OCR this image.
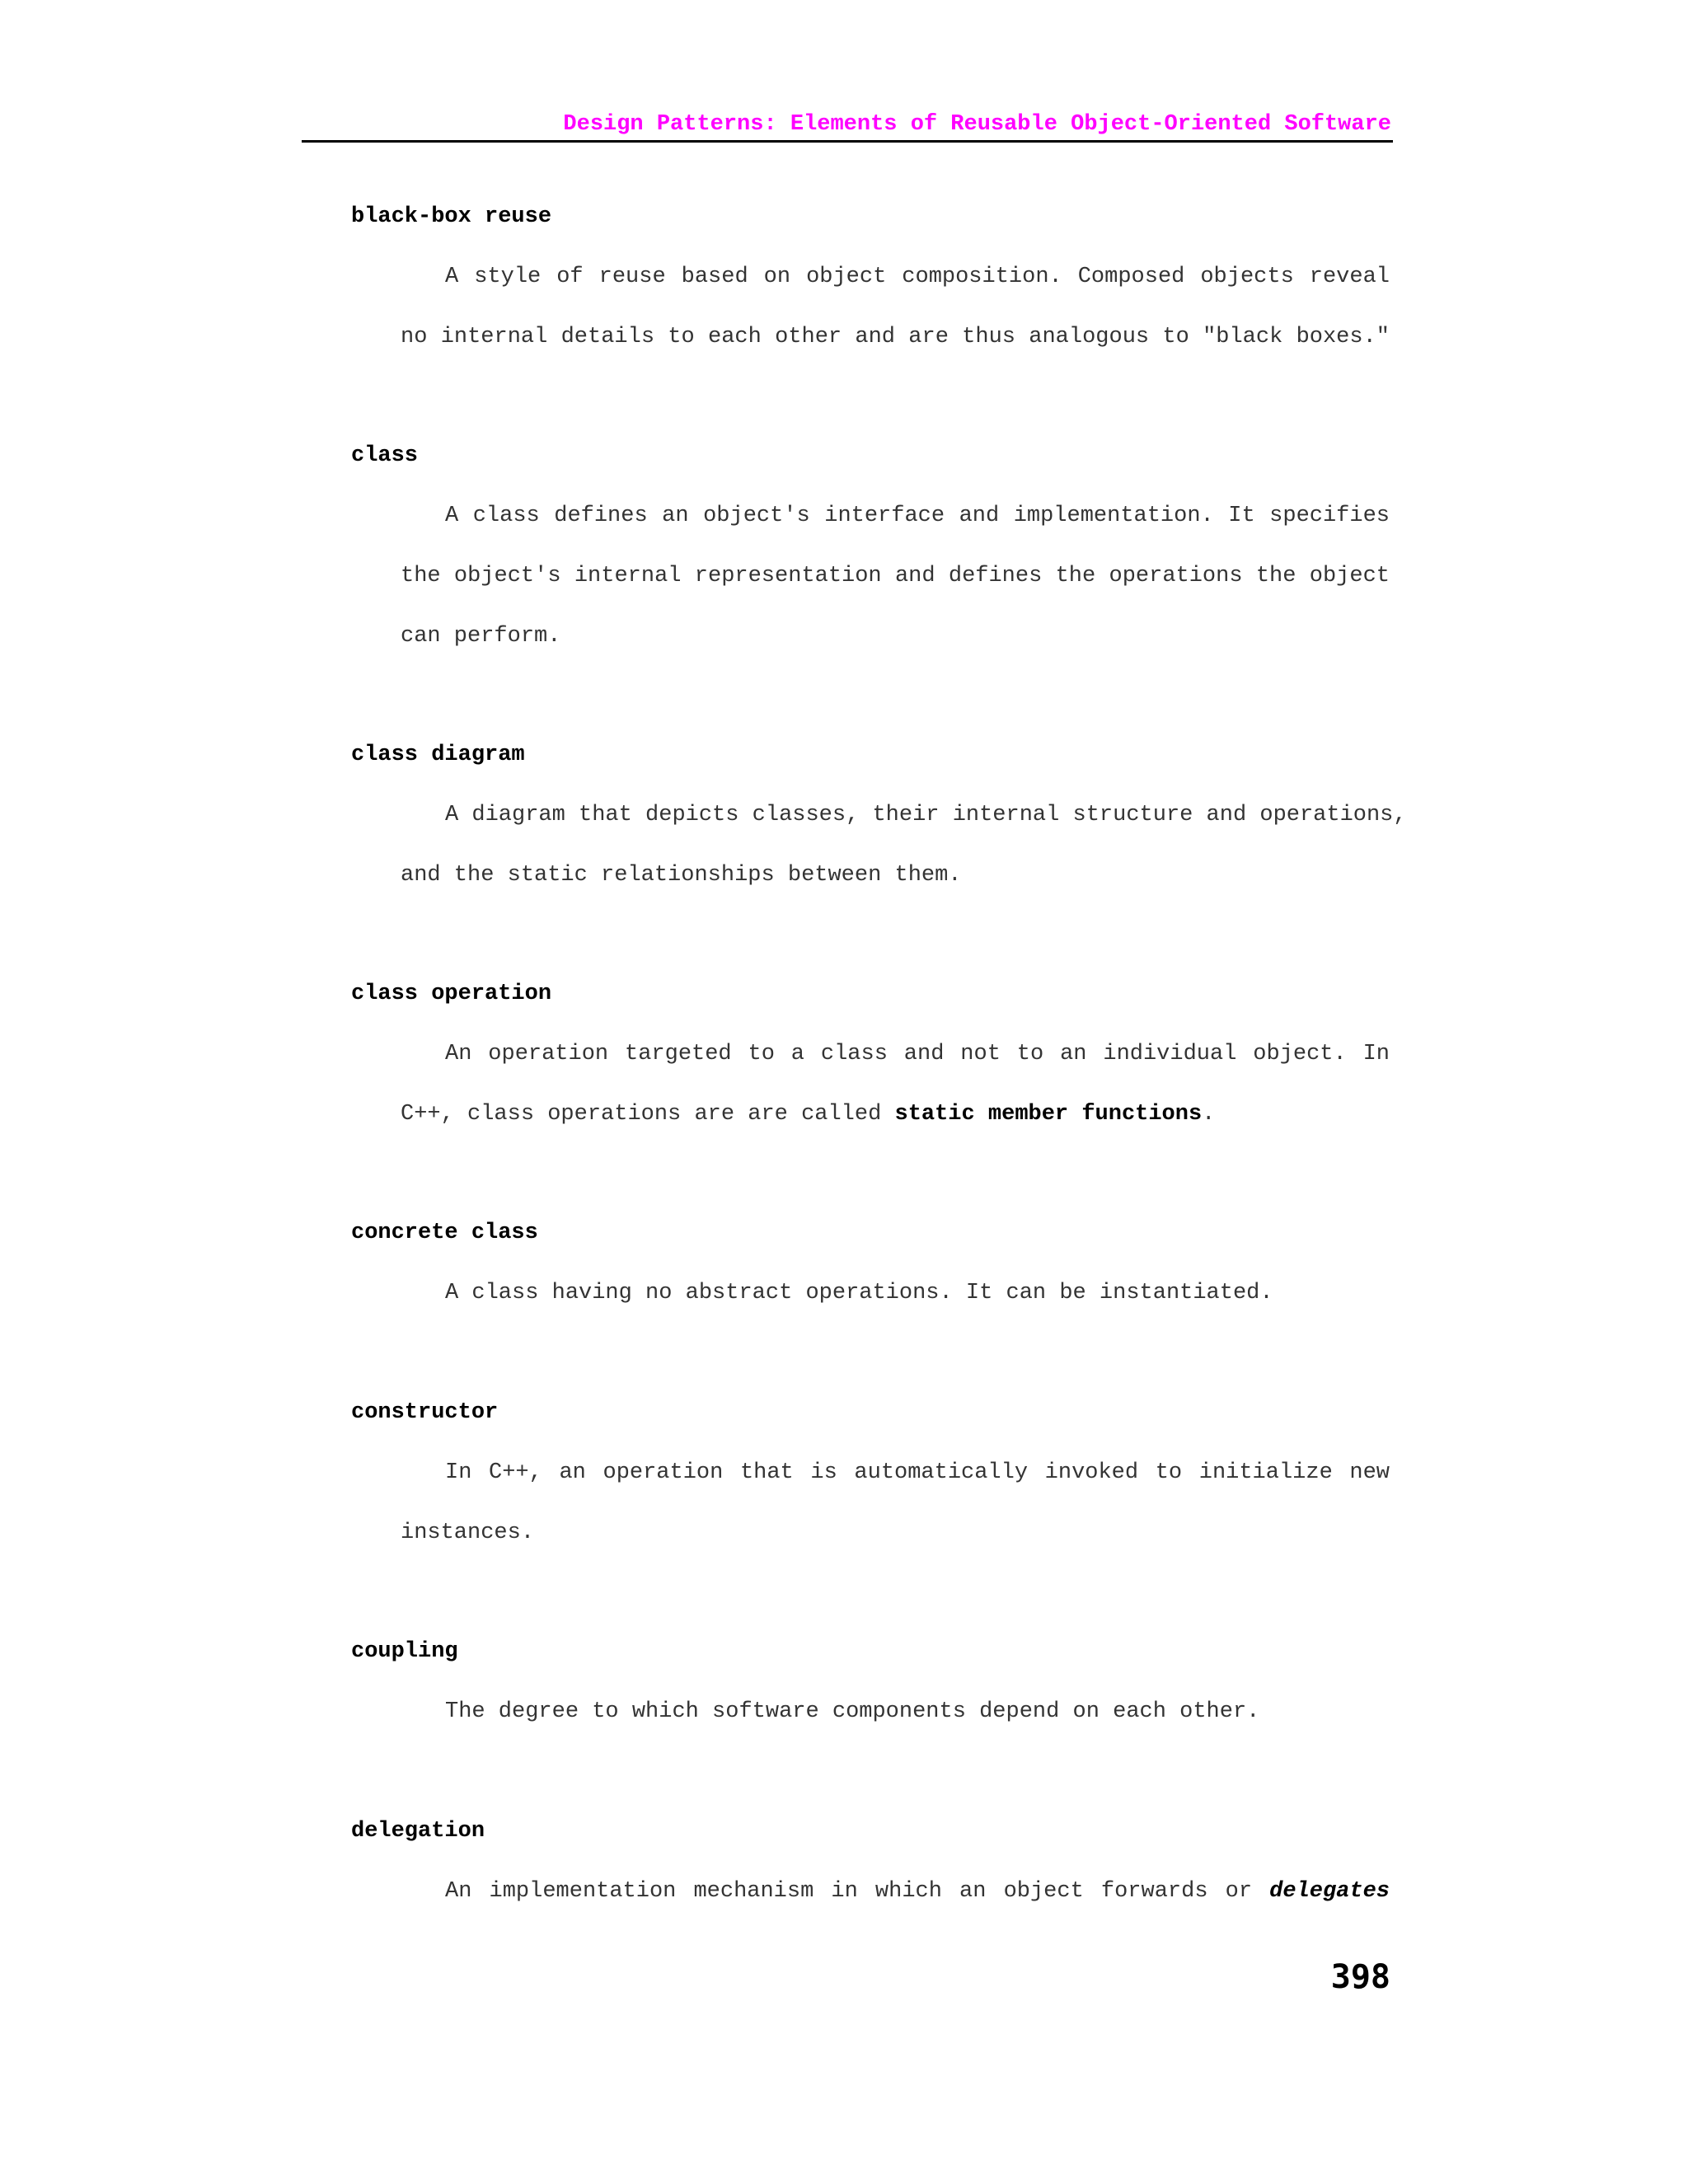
Design Patterns: Elements of Reusable Object-Oriented Software
black-box reuse
A style of reuse based on object composition. Composed objects reveal
no internal details to each other and are thus analogous to "black boxes."
class
A class defines an object's interface and implementation. It specifies
the object's internal representation and defines the operations the object
can perform.
class diagram
A diagram that depicts classes, their internal structure and operations,
and the static relationships between them.
class operation
An operation targeted to a class and not to an individual object. In
C++, class operations are are called static member functions.
concrete class
A class having no abstract operations. It can be instantiated.
constructor
In C++, an operation that is automatically invoked to initialize new
instances.
coupling
The degree to which software components depend on each other.
delegation
An implementation mechanism in which an object forwards or delegates
398
